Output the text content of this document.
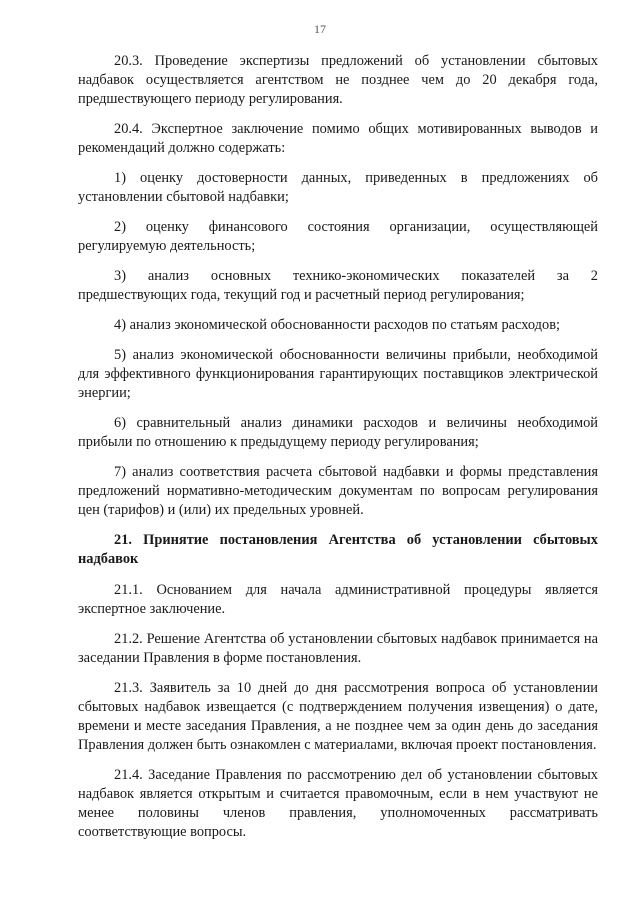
17

20.3. Проведение экспертизы предложений об установлении сбытовых надбавок осуществляется агентством не позднее чем до 20 декабря года, предшествующего периоду регулирования.

20.4. Экспертное заключение помимо общих мотивированных выводов и рекомендаций должно содержать:

1) оценку достоверности данных, приведенных в предложениях об установлении сбытовой надбавки;

2) оценку финансового состояния организации, осуществляющей регулируемую деятельность;

3) анализ основных технико-экономических показателей за 2 предшествующих года, текущий год и расчетный период регулирования;

4) анализ экономической обоснованности расходов по статьям расходов;

5) анализ экономической обоснованности величины прибыли, необходимой для эффективного функционирования гарантирующих поставщиков электрической энергии;

6) сравнительный анализ динамики расходов и величины необходимой прибыли по отношению к предыдущему периоду регулирования;

7) анализ соответствия расчета сбытовой надбавки и формы представления предложений нормативно-методическим документам по вопросам регулирования цен (тарифов) и (или) их предельных уровней.

21. Принятие постановления Агентства об установлении сбытовых надбавок

21.1. Основанием для начала административной процедуры является экспертное заключение.

21.2. Решение Агентства об установлении сбытовых надбавок принимается на заседании Правления в форме постановления.

21.3. Заявитель за 10 дней до дня рассмотрения вопроса об установлении сбытовых надбавок извещается (с подтверждением получения извещения) о дате, времени и месте заседания Правления, а не позднее чем за один день до заседания Правления должен быть ознакомлен с материалами, включая проект постановления.

21.4. Заседание Правления по рассмотрению дел об установлении сбытовых надбавок является открытым и считается правомочным, если в нем участвуют не менее половины членов правления, уполномоченных рассматривать соответствующие вопросы.
